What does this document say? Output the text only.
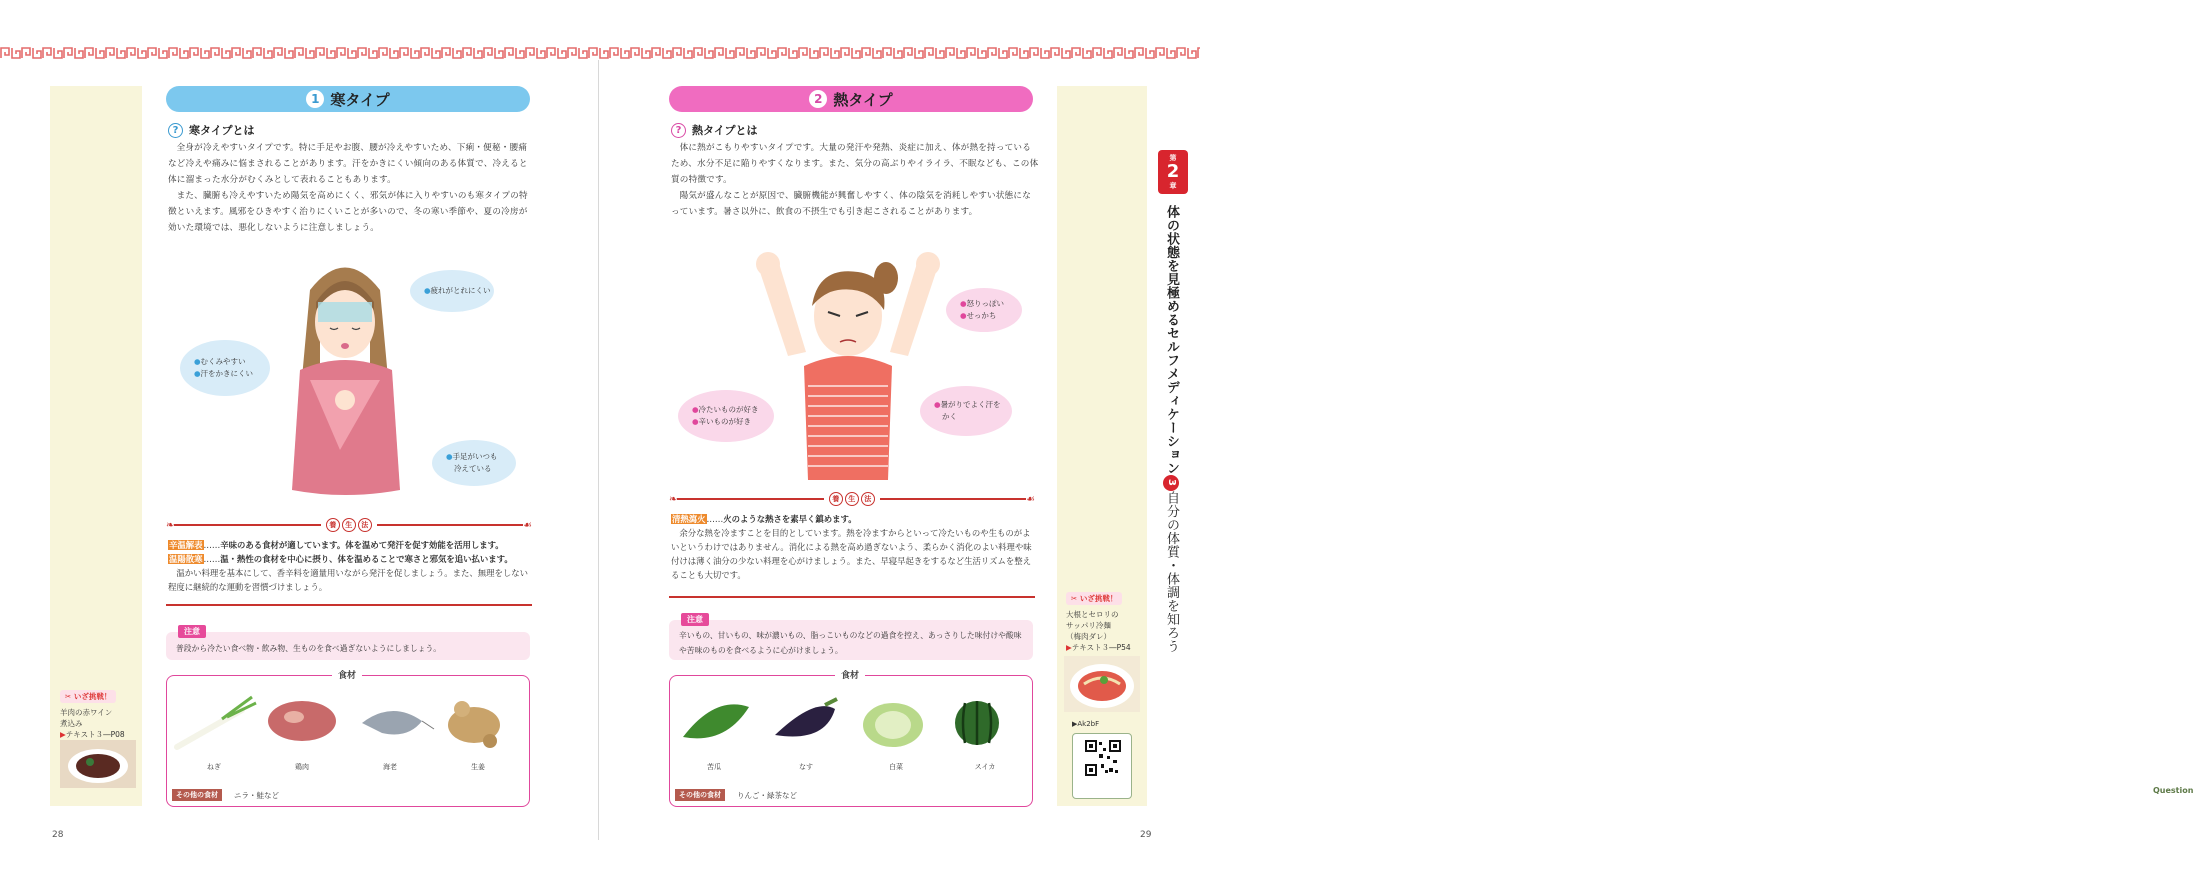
1 寒タイプ
? 寒タイプとは

全身が冷えやすいタイプです。特に手足やお腹、腰が冷えやすいため、下痢・便秘・腰痛など冷えや痛みに悩まされることがあります。汗をかきにくい傾向のある体質で、冷えると体に溜まった水分がむくみとして表れることもあります。

また、臓腑も冷えやすいため陽気を高めにくく、邪気が体に入りやすいのも寒タイプの特徴といえます。風邪をひきやすく治りにくいことが多いので、冬の寒い季節や、夏の冷房が効いた環境では、悪化しないように注意しましょう。

●疲れがとれにくい
●むくみやすい
●汗をかきにくい
●手足がいつも
冷えている
❧	養	生	法	☙
辛温解表……辛味のある食材が適しています。体を温めて発汗を促す効能を活用します。
温陽散寒……温・熱性の食材を中心に摂り、体を温めることで寒さと邪気を追い払います。
温かい料理を基本にして、香辛料を適量用いながら発汗を促しましょう。また、無理をしない程度に継続的な運動を習慣づけましょう。
注意
普段から冷たい食べ物・飲み物、生ものを食べ過ぎないようにしましょう。
食材
ねぎ	鶏肉	海老	生姜
その他の食材	ニラ・鮭など
✂ いざ挑戦！
羊肉の赤ワイン
煮込み
▶テキスト３―P08
28
2 熱タイプ
? 熱タイプとは

体に熱がこもりやすいタイプです。大量の発汗や発熱、炎症に加え、体が熱を持っているため、水分不足に陥りやすくなります。また、気分の高ぶりやイライラ、不眠なども、この体質の特徴です。

陽気が盛んなことが原因で、臓腑機能が興奮しやすく、体の陰気を消耗しやすい状態になっています。暑さ以外に、飲食の不摂生でも引き起こされることがあります。

●怒りっぽい
●せっかち
●冷たいものが好き
●辛いものが好き
●暑がりでよく汗を
かく
❧	養	生	法	☙
清熱瀉火……火のような熱さを素早く鎮めます。
余分な熱を冷ますことを目的としています。熱を冷ますからといって冷たいものや生ものがよいというわけではありません。消化による熱を高め過ぎないよう、柔らかく消化のよい料理や味付けは薄く油分の少ない料理を心がけましょう。また、早寝早起きをするなど生活リズムを整えることも大切です。
注意
辛いもの、甘いもの、味が濃いもの、脂っこいものなどの過食を控え、あっさりした味付けや酸味や苦味のものを食べるように心がけましょう。
食材
苦瓜	なす	白菜	スイカ
その他の食材	りんご・緑茶など
✂ いざ挑戦！
大根とセロリの
サッパリ冷麺
（梅肉ダレ）
▶テキスト３―P54
▶Ak2bF
Question
29
第
2
章
体の状態を見極めるセルフメディケーション3自分の体質・体調を知ろう
